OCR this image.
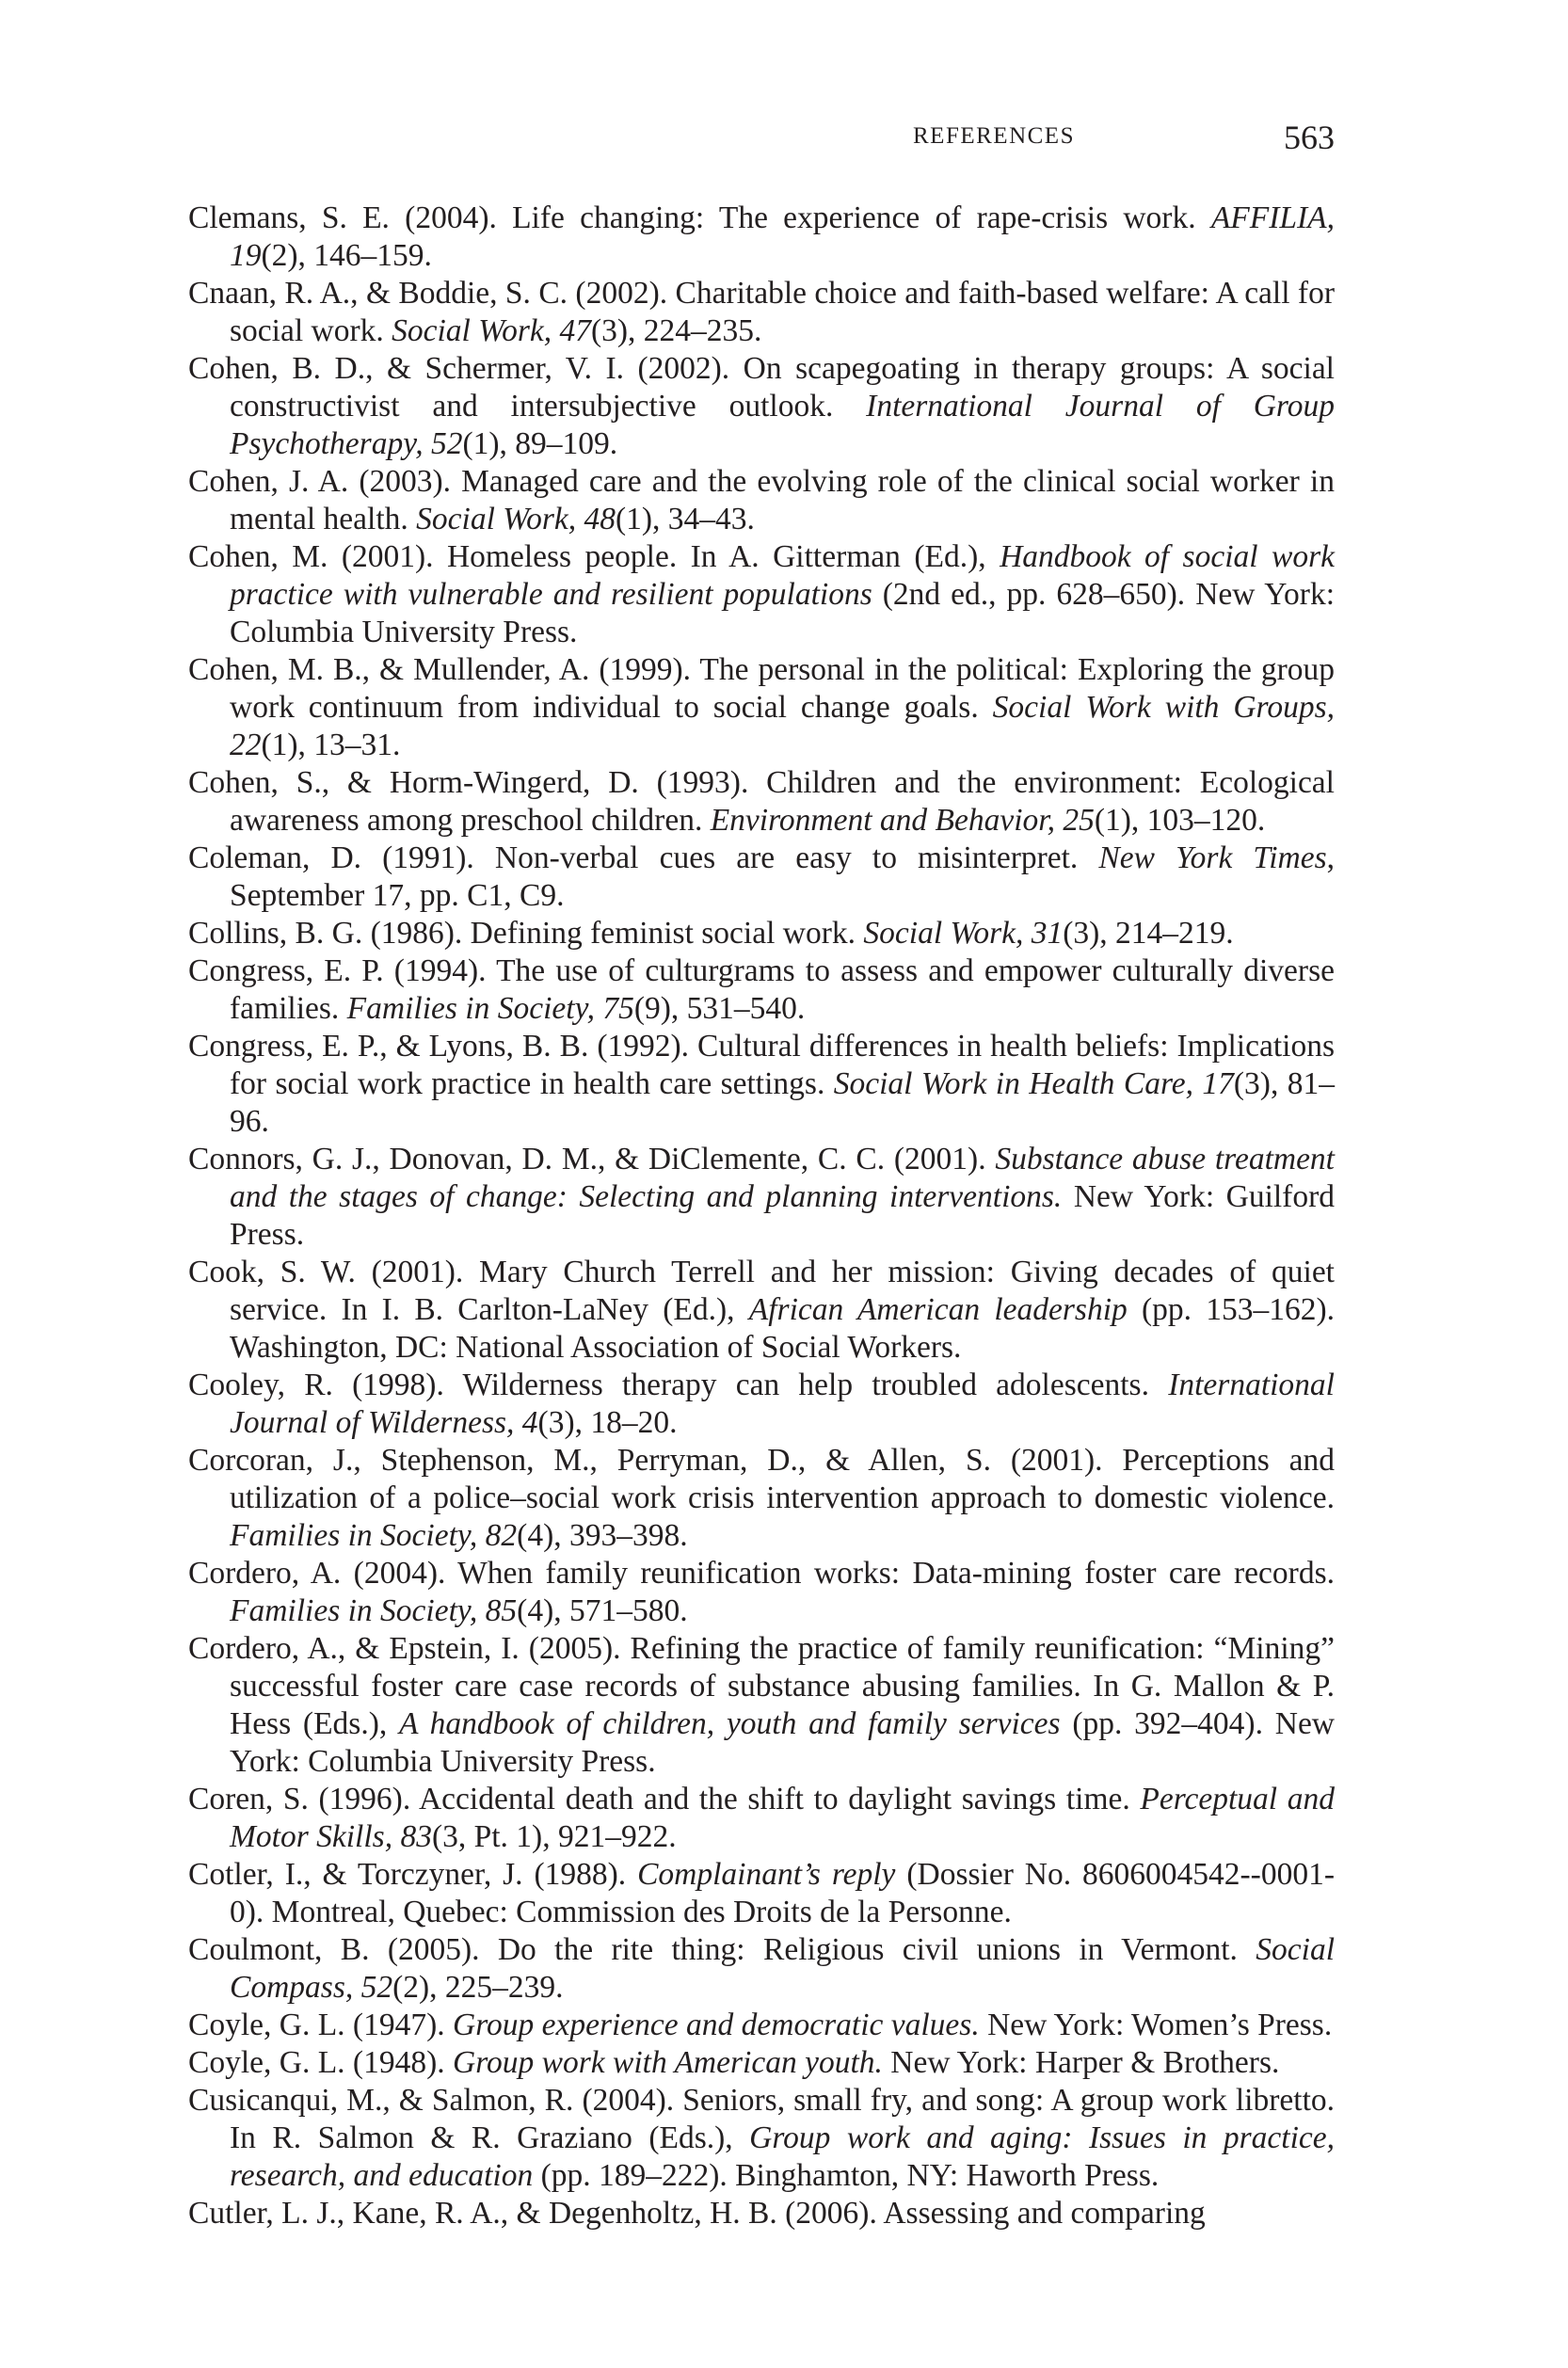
REFERENCES	563
Clemans, S. E. (2004). Life changing: The experience of rape-crisis work. AFFILIA, 19(2), 146–159.
Cnaan, R. A., & Boddie, S. C. (2002). Charitable choice and faith-based welfare: A call for social work. Social Work, 47(3), 224–235.
Cohen, B. D., & Schermer, V. I. (2002). On scapegoating in therapy groups: A social constructivist and intersubjective outlook. International Journal of Group Psychotherapy, 52(1), 89–109.
Cohen, J. A. (2003). Managed care and the evolving role of the clinical social worker in mental health. Social Work, 48(1), 34–43.
Cohen, M. (2001). Homeless people. In A. Gitterman (Ed.), Handbook of social work practice with vulnerable and resilient populations (2nd ed., pp. 628–650). New York: Columbia University Press.
Cohen, M. B., & Mullender, A. (1999). The personal in the political: Exploring the group work continuum from individual to social change goals. Social Work with Groups, 22(1), 13–31.
Cohen, S., & Horm-Wingerd, D. (1993). Children and the environment: Ecological awareness among preschool children. Environment and Behavior, 25(1), 103–120.
Coleman, D. (1991). Non-verbal cues are easy to misinterpret. New York Times, September 17, pp. C1, C9.
Collins, B. G. (1986). Defining feminist social work. Social Work, 31(3), 214–219.
Congress, E. P. (1994). The use of culturgrams to assess and empower culturally diverse families. Families in Society, 75(9), 531–540.
Congress, E. P., & Lyons, B. B. (1992). Cultural differences in health beliefs: Implications for social work practice in health care settings. Social Work in Health Care, 17(3), 81–96.
Connors, G. J., Donovan, D. M., & DiClemente, C. C. (2001). Substance abuse treatment and the stages of change: Selecting and planning interventions. New York: Guilford Press.
Cook, S. W. (2001). Mary Church Terrell and her mission: Giving decades of quiet service. In I. B. Carlton-LaNey (Ed.), African American leadership (pp. 153–162). Washington, DC: National Association of Social Workers.
Cooley, R. (1998). Wilderness therapy can help troubled adolescents. International Journal of Wilderness, 4(3), 18–20.
Corcoran, J., Stephenson, M., Perryman, D., & Allen, S. (2001). Perceptions and utilization of a police–social work crisis intervention approach to domestic violence. Families in Society, 82(4), 393–398.
Cordero, A. (2004). When family reunification works: Data-mining foster care records. Families in Society, 85(4), 571–580.
Cordero, A., & Epstein, I. (2005). Refining the practice of family reunification: “Mining” successful foster care case records of substance abusing families. In G. Mallon & P. Hess (Eds.), A handbook of children, youth and family services (pp. 392–404). New York: Columbia University Press.
Coren, S. (1996). Accidental death and the shift to daylight savings time. Perceptual and Motor Skills, 83(3, Pt. 1), 921–922.
Cotler, I., & Torczyner, J. (1988). Complainant’s reply (Dossier No. 8606004542--0001-0). Montreal, Quebec: Commission des Droits de la Personne.
Coulmont, B. (2005). Do the rite thing: Religious civil unions in Vermont. Social Compass, 52(2), 225–239.
Coyle, G. L. (1947). Group experience and democratic values. New York: Women’s Press.
Coyle, G. L. (1948). Group work with American youth. New York: Harper & Brothers.
Cusicanqui, M., & Salmon, R. (2004). Seniors, small fry, and song: A group work libretto. In R. Salmon & R. Graziano (Eds.), Group work and aging: Issues in practice, research, and education (pp. 189–222). Binghamton, NY: Haworth Press.
Cutler, L. J., Kane, R. A., & Degenholtz, H. B. (2006). Assessing and comparing
